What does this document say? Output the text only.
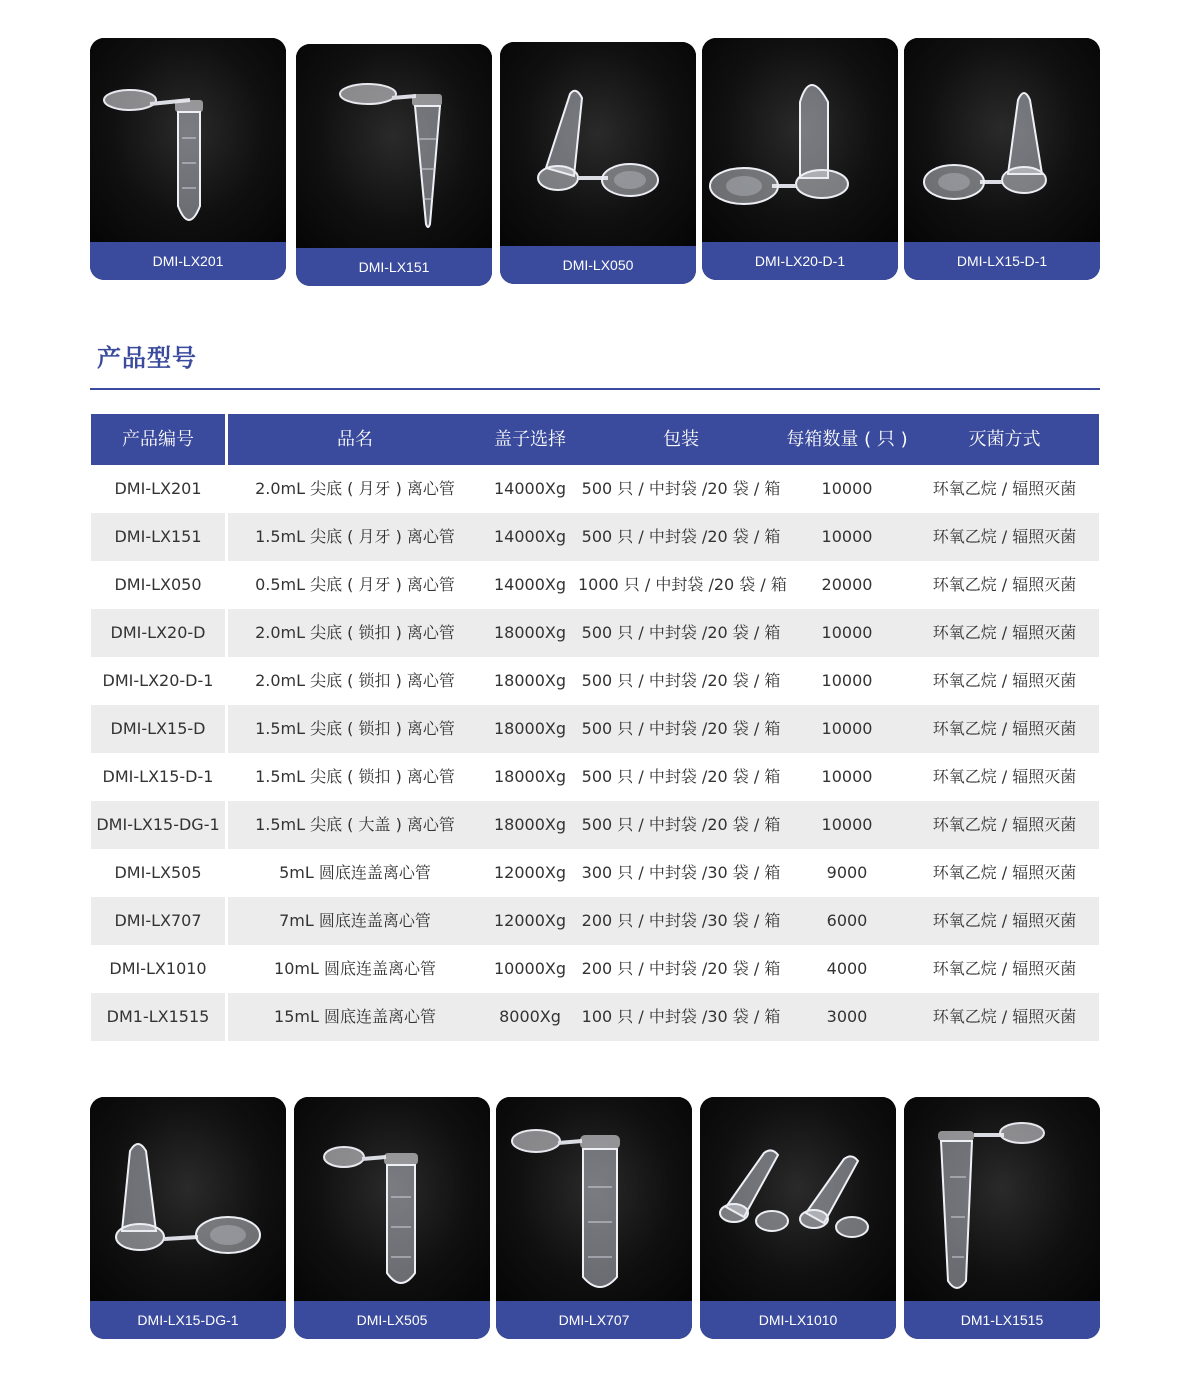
DMI-LX201	DMI-LX151	DMI-LX050	DMI-LX20-D-1	DMI-LX15-D-1
产品型号
产品编号	品名	盖子选择	包装	每箱数量 ( 只 )	灭菌方式
DMI-LX201	2.0mL 尖底 ( 月牙 ) 离心管	14000Xg 500 只 / 中封袋 /20 袋 / 箱	10000	环氧乙烷 / 辐照灭菌
DMI-LX151	1.5mL 尖底 ( 月牙 ) 离心管	14000Xg 500 只 / 中封袋 /20 袋 / 箱	10000	环氧乙烷 / 辐照灭菌
DMI-LX050	0.5mL 尖底 ( 月牙 ) 离心管	14000Xg 1000 只 / 中封袋 /20 袋 / 箱	20000	环氧乙烷 / 辐照灭菌
DMI-LX20-D	2.0mL 尖底 ( 锁扣 ) 离心管	18000Xg 500 只 / 中封袋 /20 袋 / 箱	10000	环氧乙烷 / 辐照灭菌
DMI-LX20-D-1	2.0mL 尖底 ( 锁扣 ) 离心管	18000Xg 500 只 / 中封袋 /20 袋 / 箱	10000	环氧乙烷 / 辐照灭菌
DMI-LX15-D	1.5mL 尖底 ( 锁扣 ) 离心管	18000Xg 500 只 / 中封袋 /20 袋 / 箱	10000	环氧乙烷 / 辐照灭菌
DMI-LX15-D-1	1.5mL 尖底 ( 锁扣 ) 离心管	18000Xg 500 只 / 中封袋 /20 袋 / 箱	10000	环氧乙烷 / 辐照灭菌
DMI-LX15-DG-1	1.5mL 尖底 ( 大盖 ) 离心管	18000Xg 500 只 / 中封袋 /20 袋 / 箱	10000	环氧乙烷 / 辐照灭菌
DMI-LX505	5mL 圆底连盖离心管	12000Xg 300 只 / 中封袋 /30 袋 / 箱	9000	环氧乙烷 / 辐照灭菌
DMI-LX707	7mL 圆底连盖离心管	12000Xg 200 只 / 中封袋 /30 袋 / 箱	6000	环氧乙烷 / 辐照灭菌
DMI-LX1010	10mL 圆底连盖离心管	10000Xg 200 只 / 中封袋 /20 袋 / 箱	4000	环氧乙烷 / 辐照灭菌
DM1-LX1515	15mL 圆底连盖离心管	8000Xg	100 只 / 中封袋 /30 袋 / 箱	3000	环氧乙烷 / 辐照灭菌
DMI-LX15-DG-1	DMI-LX505	DMI-LX707	DMI-LX1010	DM1-LX1515
